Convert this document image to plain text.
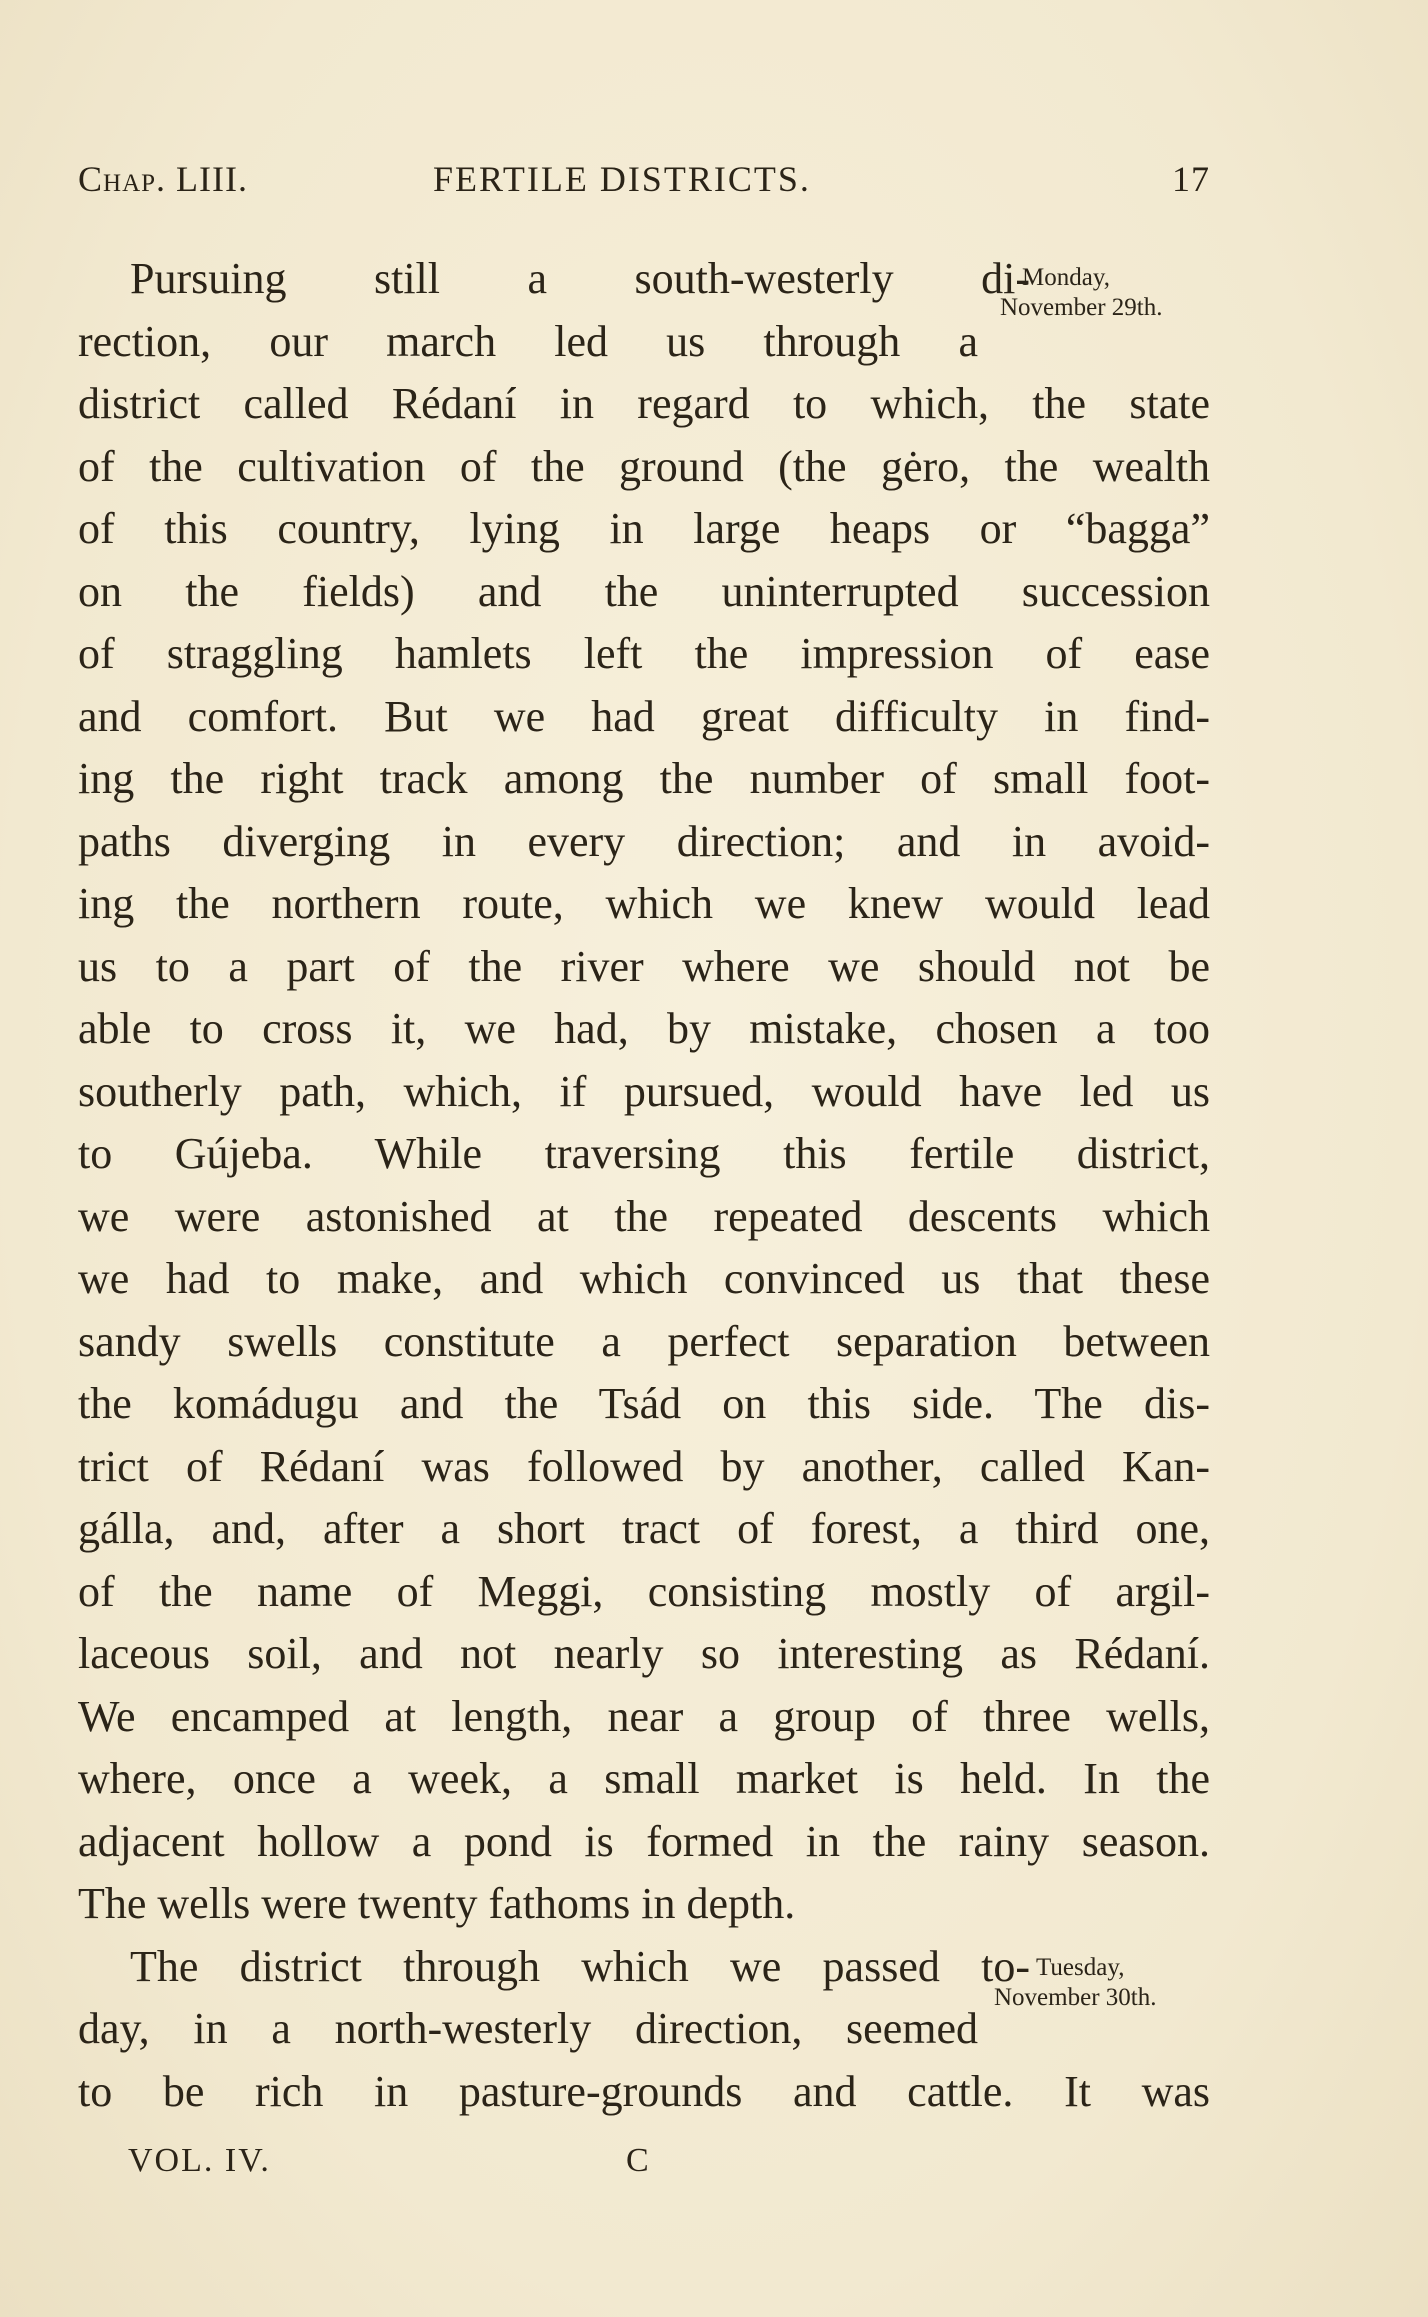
Chap. LIII.	FERTILE DISTRICTS.	17
Monday,
November 29th.
Tuesday,
November 30th.
Pursuing still a south-westerly di-
rection, our march led us through a
district called Rédaní in regard to which, the state
of the cultivation of the ground (the gėro, the wealth
of this country, lying in large heaps or “bagga”
on the fields) and the uninterrupted succession
of straggling hamlets left the impression of ease
and comfort. But we had great difficulty in find-
ing the right track among the number of small foot-
paths diverging in every direction; and in avoid-
ing the northern route, which we knew would lead
us to a part of the river where we should not be
able to cross it, we had, by mistake, chosen a too
southerly path, which, if pursued, would have led us
to Gújeba. While traversing this fertile district,
we were astonished at the repeated descents which
we had to make, and which convinced us that these
sandy swells constitute a perfect separation between
the komádugu and the Tsád on this side. The dis-
trict of Rédaní was followed by another, called Kan-
gálla, and, after a short tract of forest, a third one,
of the name of Meggi, consisting mostly of argil-
laceous soil, and not nearly so interesting as Rédaní.
We encamped at length, near a group of three wells,
where, once a week, a small market is held. In the
adjacent hollow a pond is formed in the rainy season.
The wells were twenty fathoms in depth.
The district through which we passed to-
day, in a north-westerly direction, seemed
to be rich in pasture-grounds and cattle. It was
VOL. IV.	C
